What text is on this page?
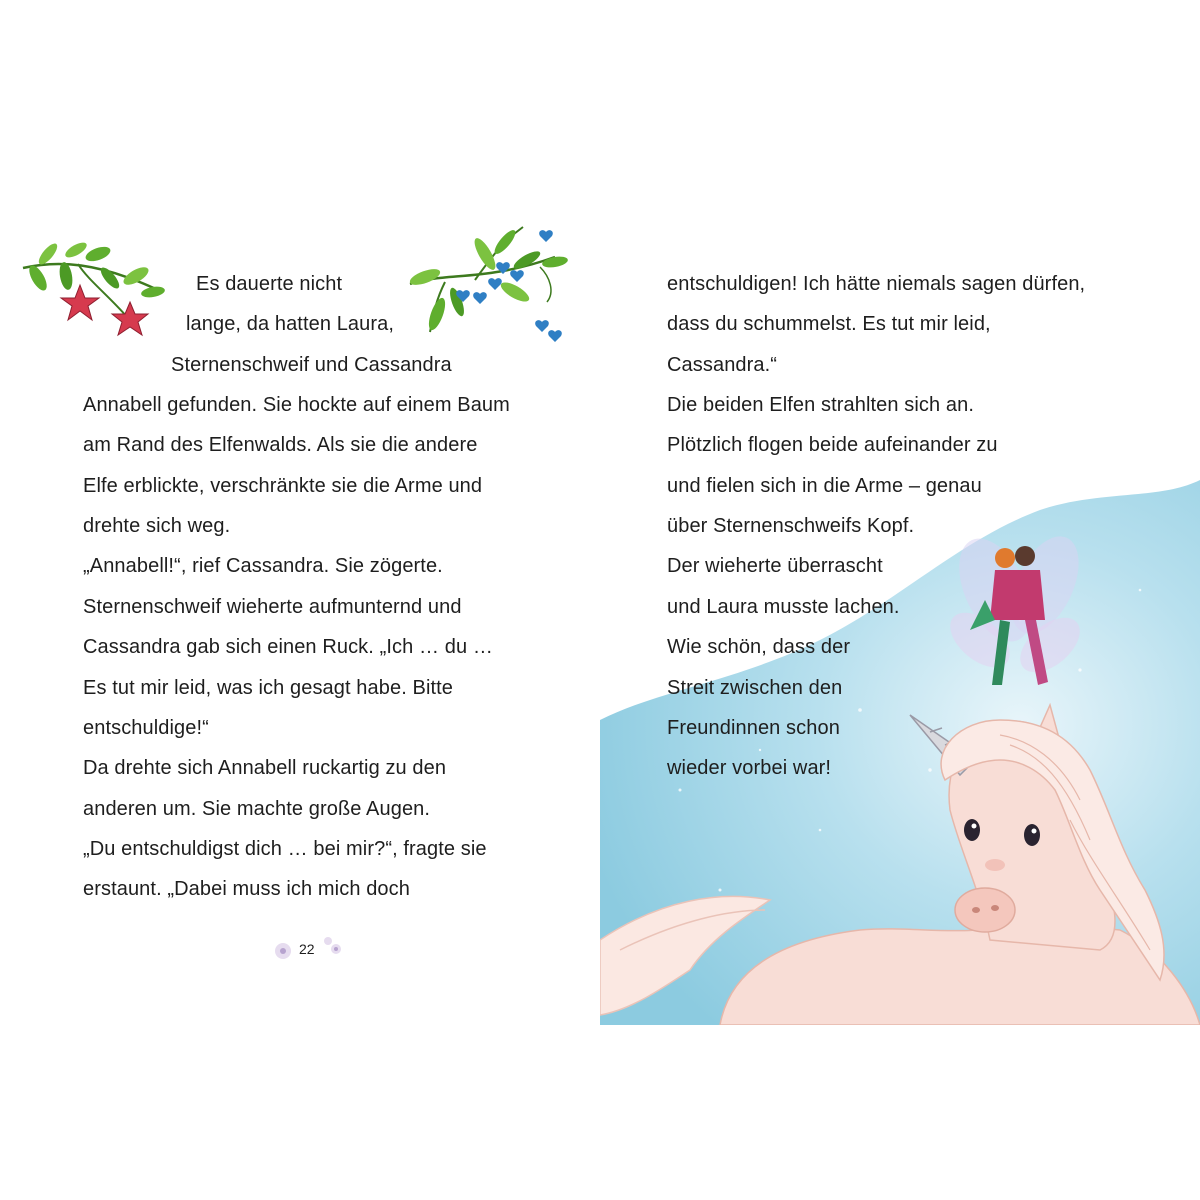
Es dauerte nicht
lange, da hatten Laura,
Sternenschweif und Cassandra
Annabell gefunden. Sie hockte auf einem Baum
am Rand des Elfenwalds. Als sie die andere
Elfe erblickte, verschränkte sie die Arme und
drehte sich weg.
„Annabell!“, rief Cassandra. Sie zögerte.
Sternenschweif wieherte aufmunternd und
Cassandra gab sich einen Ruck. „Ich … du …
Es tut mir leid, was ich gesagt habe. Bitte
entschuldige!“
Da drehte sich Annabell ruckartig zu den
anderen um. Sie machte große Augen.
„Du entschuldigst dich … bei mir?“, fragte sie
erstaunt. „Dabei muss ich mich doch
22
entschuldigen! Ich hätte niemals sagen dürfen,
dass du schummelst. Es tut mir leid,
Cassandra.“
Die beiden Elfen strahlten sich an.
Plötzlich flogen beide aufeinander zu
und fielen sich in die Arme – genau
über Sternenschweifs Kopf.
Der wieherte überrascht
und Laura musste lachen.
Wie schön, dass der
Streit zwischen den
Freundinnen schon
wieder vorbei war!
